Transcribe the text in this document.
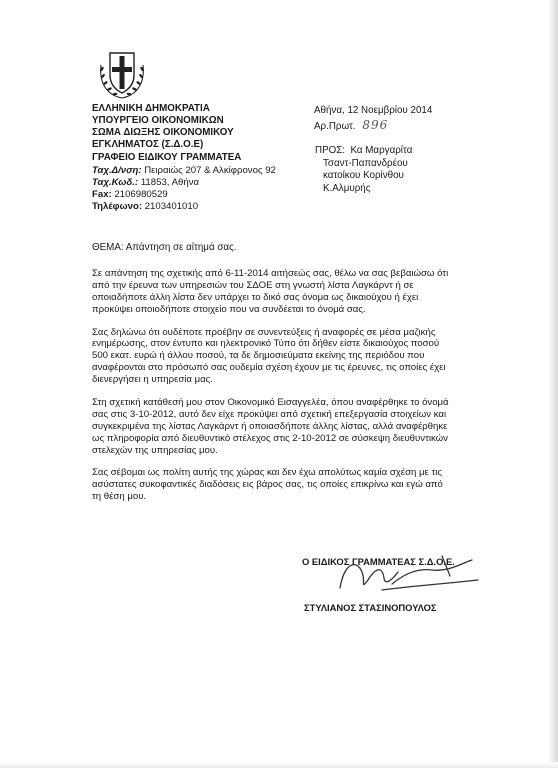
ΕΛΛΗΝΙΚΗ ΔΗΜΟΚΡΑΤΙΑ
ΥΠΟΥΡΓΕΙΟ ΟΙΚΟΝΟΜΙΚΩΝ
ΣΩΜΑ ΔΙΩΞΗΣ ΟΙΚΟΝΟΜΙΚΟΥ
ΕΓΚΛΗΜΑΤΟΣ (Σ.Δ.Ο.Ε)
ΓΡΑΦΕΙΟ ΕΙΔΙΚΟΥ ΓΡΑΜΜΑΤΕΑ
Ταχ.Δ/νση: Πειραιώς 207 & Αλκίφρονος 92
Ταχ.Κωδ.: 11853, Αθήνα
Fax: 2106980529
Τηλέφωνο: 2103401010
Αθήνα, 12 Νοεμβρίου 2014
Αρ.Πρωτ. 896
ΠΡΟΣ: Κα Μαργαρίτα
Τσαντ-Παπανδρέου
κατοίκου Κορίνθου
Κ.Αλμυρής
ΘΕΜΑ: Απάντηση σε αίτημά σας.
Σε απάντηση της σχετικής από 6-11-2014 αιτήσεώς σας, θέλω να σας βεβαιώσω ότι
από την έρευνα των υπηρεσιών του ΣΔΟΕ στη γνωστή λίστα Λαγκάρντ ή σε
οποιαδήποτε άλλη λίστα δεν υπάρχει το δικό σας όνομα ως δικαιούχου ή έχει
προκύψει οποιοδήποτε στοιχείο που να συνδέεται το όνομά σας.
Σας δηλώνω ότι ουδέποτε προέβην σε συνεντεύξεις ή αναφορές σε μέσα μαζικής
ενημέρωσης, στον έντυπο και ηλεκτρονικό Τύπο ότι δήθεν είστε δικαιούχος ποσού
500 εκατ. ευρώ ή άλλου ποσού, τα δε δημοσιεύματα εκείνης της περιόδου που
αναφέρονται στο πρόσωπό σας ουδεμία σχέση έχουν με τις έρευνες, τις οποίες έχει
διενεργήσει η υπηρεσία μας.
Στη σχετική κατάθεσή μου στον Οικονομικό Εισαγγελέα, όπου αναφέρθηκε το όνομά
σας στις 3-10-2012, αυτό δεν είχε προκύψει από σχετική επεξεργασία στοιχείων και
συγκεκριμένα της λίστας Λαγκάρντ ή οποιασδήποτε άλλης λίστας, αλλά αναφέρθηκε
ως πληροφορία από διευθυντικό στέλεχος στις 2-10-2012 σε σύσκεψη διευθυντικών
στελεχών της υπηρεσίας μου.
Σας σέβομαι ως πολίτη αυτής της χώρας και δεν έχω απολύτως καμία σχέση με τις
ασύστατες συκοφαντικές διαδόσεις εις βάρος σας, τις οποίες επικρίνω και εγώ από
τη θέση μου.
Ο ΕΙΔΙΚΟΣ ΓΡΑΜΜΑΤΕΑΣ Σ.Δ.Ο.Ε.
ΣΤΥΛΙΑΝΟΣ ΣΤΑΣΙΝΟΠΟΥΛΟΣ
